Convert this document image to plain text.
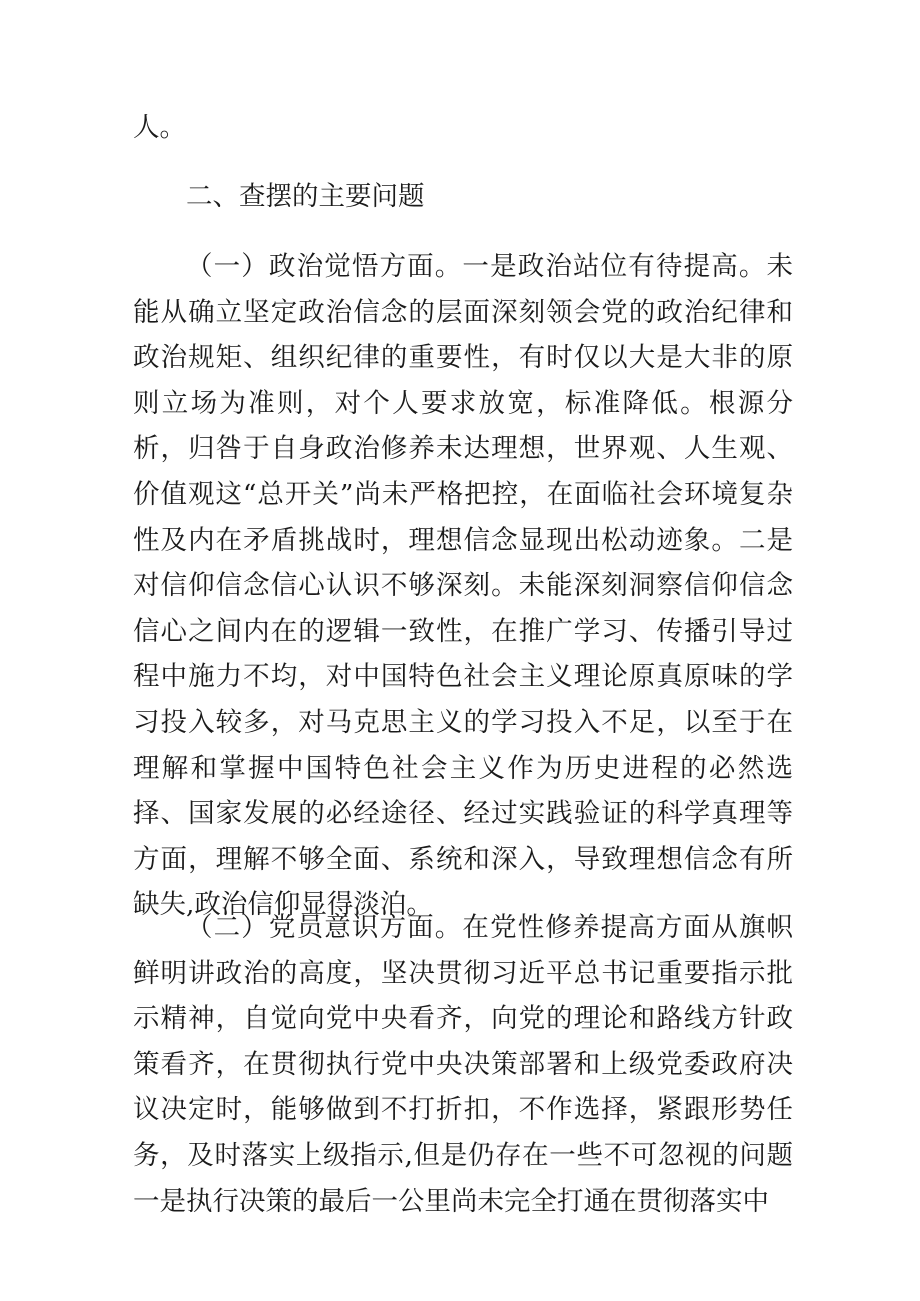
人。

二、查摆的主要问题

（一）政治觉悟方面。一是政治站位有待提高。未能从确立坚定政治信念的层面深刻领会党的政治纪律和政治规矩、组织纪律的重要性，有时仅以大是大非的原则立场为准则，对个人要求放宽，标准降低。根源分析，归咎于自身政治修养未达理想，世界观、人生观、价值观这“总开关”尚未严格把控，在面临社会环境复杂性及内在矛盾挑战时，理想信念显现出松动迹象。二是对信仰信念信心认识不够深刻。未能深刻洞察信仰信念信心之间内在的逻辑一致性，在推广学习、传播引导过程中施力不均，对中国特色社会主义理论原真原味的学习投入较多，对马克思主义的学习投入不足，以至于在理解和掌握中国特色社会主义作为历史进程的必然选择、国家发展的必经途径、经过实践验证的科学真理等方面，理解不够全面、系统和深入，导致理想信念有所缺失,政治信仰显得淡泊。

（二）党员意识方面。在党性修养提高方面从旗帜鲜明讲政治的高度，坚决贯彻习近平总书记重要指示批示精神，自觉向党中央看齐，向党的理论和路线方针政策看齐，在贯彻执行党中央决策部署和上级党委政府决议决定时，能够做到不打折扣，不作选择，紧跟形势任务，及时落实上级指示,但是仍存在一些不可忽视的问题一是执行决策的最后一公里尚未完全打通在贯彻落实中
